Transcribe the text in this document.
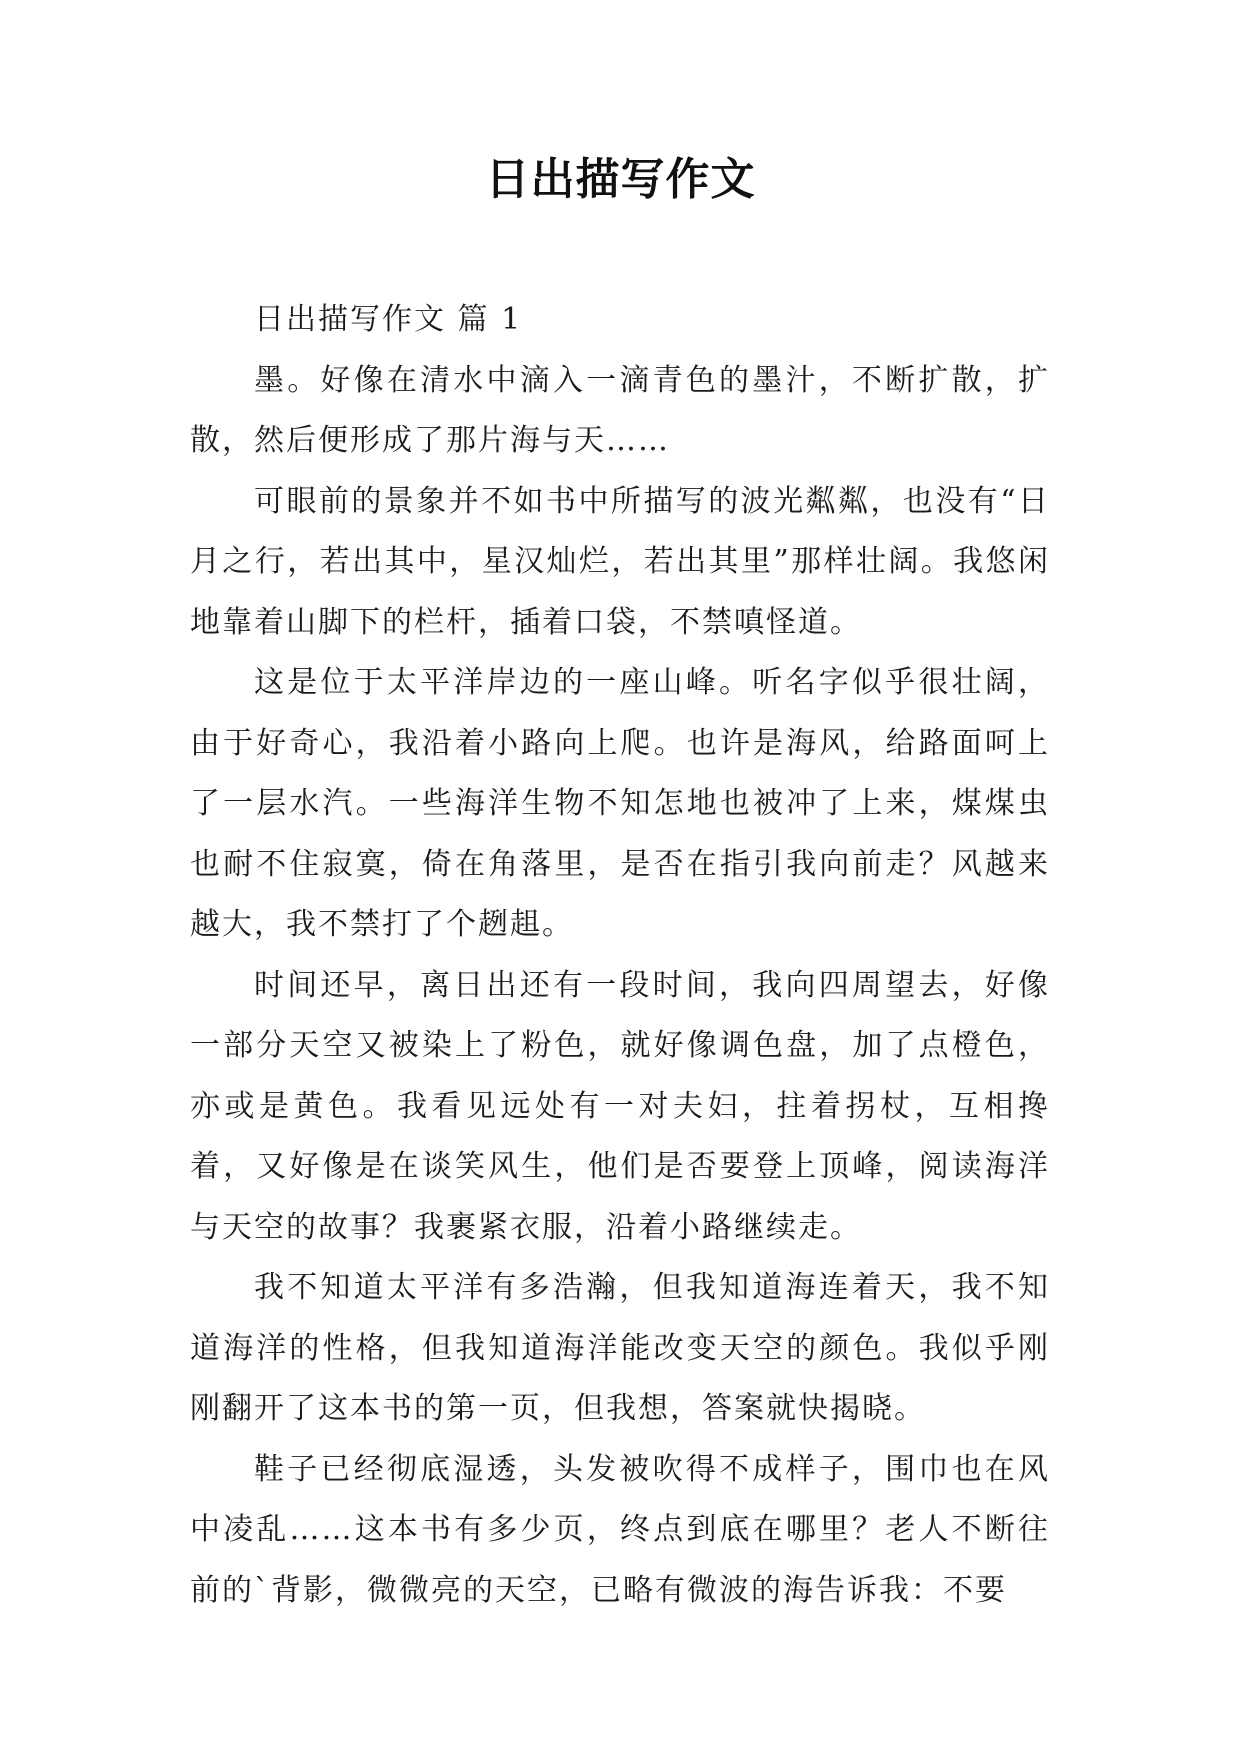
日出描写作文

日出描写作文 篇 1

墨。好像在清水中滴入一滴青色的墨汁，不断扩散，扩散，然后便形成了那片海与天……

可眼前的景象并不如书中所描写的波光粼粼，也没有“日月之行，若出其中，星汉灿烂，若出其里”那样壮阔。我悠闲地靠着山脚下的栏杆，插着口袋，不禁嗔怪道。

这是位于太平洋岸边的一座山峰。听名字似乎很壮阔，由于好奇心，我沿着小路向上爬。也许是海风，给路面呵上了一层水汽。一些海洋生物不知怎地也被冲了上来，煤煤虫也耐不住寂寞，倚在角落里，是否在指引我向前走？风越来越大，我不禁打了个趔趄。

时间还早，离日出还有一段时间，我向四周望去，好像一部分天空又被染上了粉色，就好像调色盘，加了点橙色，亦或是黄色。我看见远处有一对夫妇，拄着拐杖，互相搀着，又好像是在谈笑风生，他们是否要登上顶峰，阅读海洋与天空的故事？我裹紧衣服，沿着小路继续走。

我不知道太平洋有多浩瀚，但我知道海连着天，我不知道海洋的性格，但我知道海洋能改变天空的颜色。我似乎刚刚翻开了这本书的第一页，但我想，答案就快揭晓。

鞋子已经彻底湿透，头发被吹得不成样子，围巾也在风中凌乱……这本书有多少页，终点到底在哪里？老人不断往前的`背影，微微亮的天空，已略有微波的海告诉我：不要
